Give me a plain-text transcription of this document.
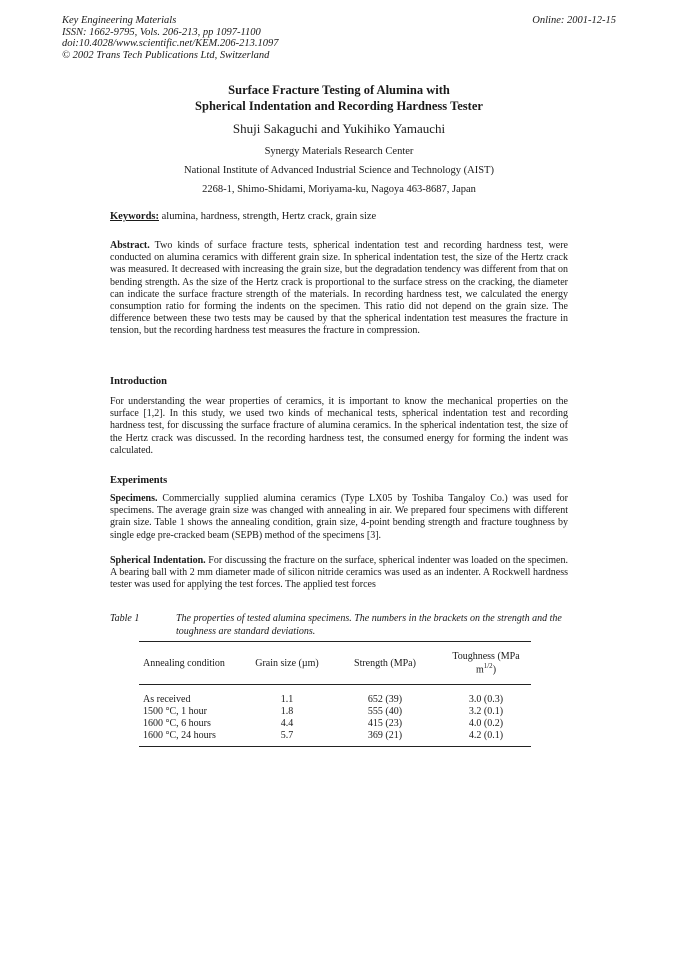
Key Engineering Materials
ISSN: 1662-9795, Vols. 206-213, pp 1097-1100
doi:10.4028/www.scientific.net/KEM.206-213.1097
© 2002 Trans Tech Publications Ltd, Switzerland
Online: 2001-12-15
Surface Fracture Testing of Alumina with
Spherical Indentation and Recording Hardness Tester
Shuji Sakaguchi and Yukihiko Yamauchi
Synergy Materials Research Center
National Institute of Advanced Industrial Science and Technology (AIST)
2268-1, Shimo-Shidami, Moriyama-ku, Nagoya 463-8687, Japan
Keywords: alumina, hardness, strength, Hertz crack, grain size
Abstract. Two kinds of surface fracture tests, spherical indentation test and recording hardness test, were conducted on alumina ceramics with different grain size. In spherical indentation test, the size of the Hertz crack was measured. It decreased with increasing the grain size, but the degradation tendency was different from that on bending strength. As the size of the Hertz crack is proportional to the surface stress on the cracking, the diameter can indicate the surface fracture strength of the materials. In recording hardness test, we calculated the energy consumption ratio for forming the indents on the specimen. This ratio did not depend on the grain size. The difference between these two tests may be caused by that the spherical indentation test measures the fracture in tension, but the recording hardness test measures the fracture in compression.
Introduction
For understanding the wear properties of ceramics, it is important to know the mechanical properties on the surface [1,2]. In this study, we used two kinds of mechanical tests, spherical indentation test and recording hardness test, for discussing the surface fracture of alumina ceramics. In the spherical indentation test, the size of the Hertz crack was discussed. In the recording hardness test, the consumed energy for forming the indent was calculated.
Experiments
Specimens. Commercially supplied alumina ceramics (Type LX05 by Toshiba Tangaloy Co.) was used for specimens. The average grain size was changed with annealing in air. We prepared four specimens with different grain size. Table 1 shows the annealing condition, grain size, 4-point bending strength and fracture toughness by single edge pre-cracked beam (SEPB) method of the specimens [3].
Spherical Indentation. For discussing the fracture on the surface, spherical indenter was loaded on the specimen. A bearing ball with 2 mm diameter made of silicon nitride ceramics was used as an indenter. A Rockwell hardness tester was used for applying the test forces. The applied test forces
Table 1	The properties of tested alumina specimens. The numbers in the brackets on the strength and the toughness are standard deviations.
Annealing condition	Grain size (µm)	Strength (MPa)	Toughness (MPa $m^{1/2}$)
As received	1.1	652 (39)	3.0 (0.3)
1500 °C, 1 hour	1.8	555 (40)	3.2 (0.1)
1600 °C, 6 hours	4.4	415 (23)	4.0 (0.2)
1600 °C, 24 hours	5.7	369 (21)	4.2 (0.1)
